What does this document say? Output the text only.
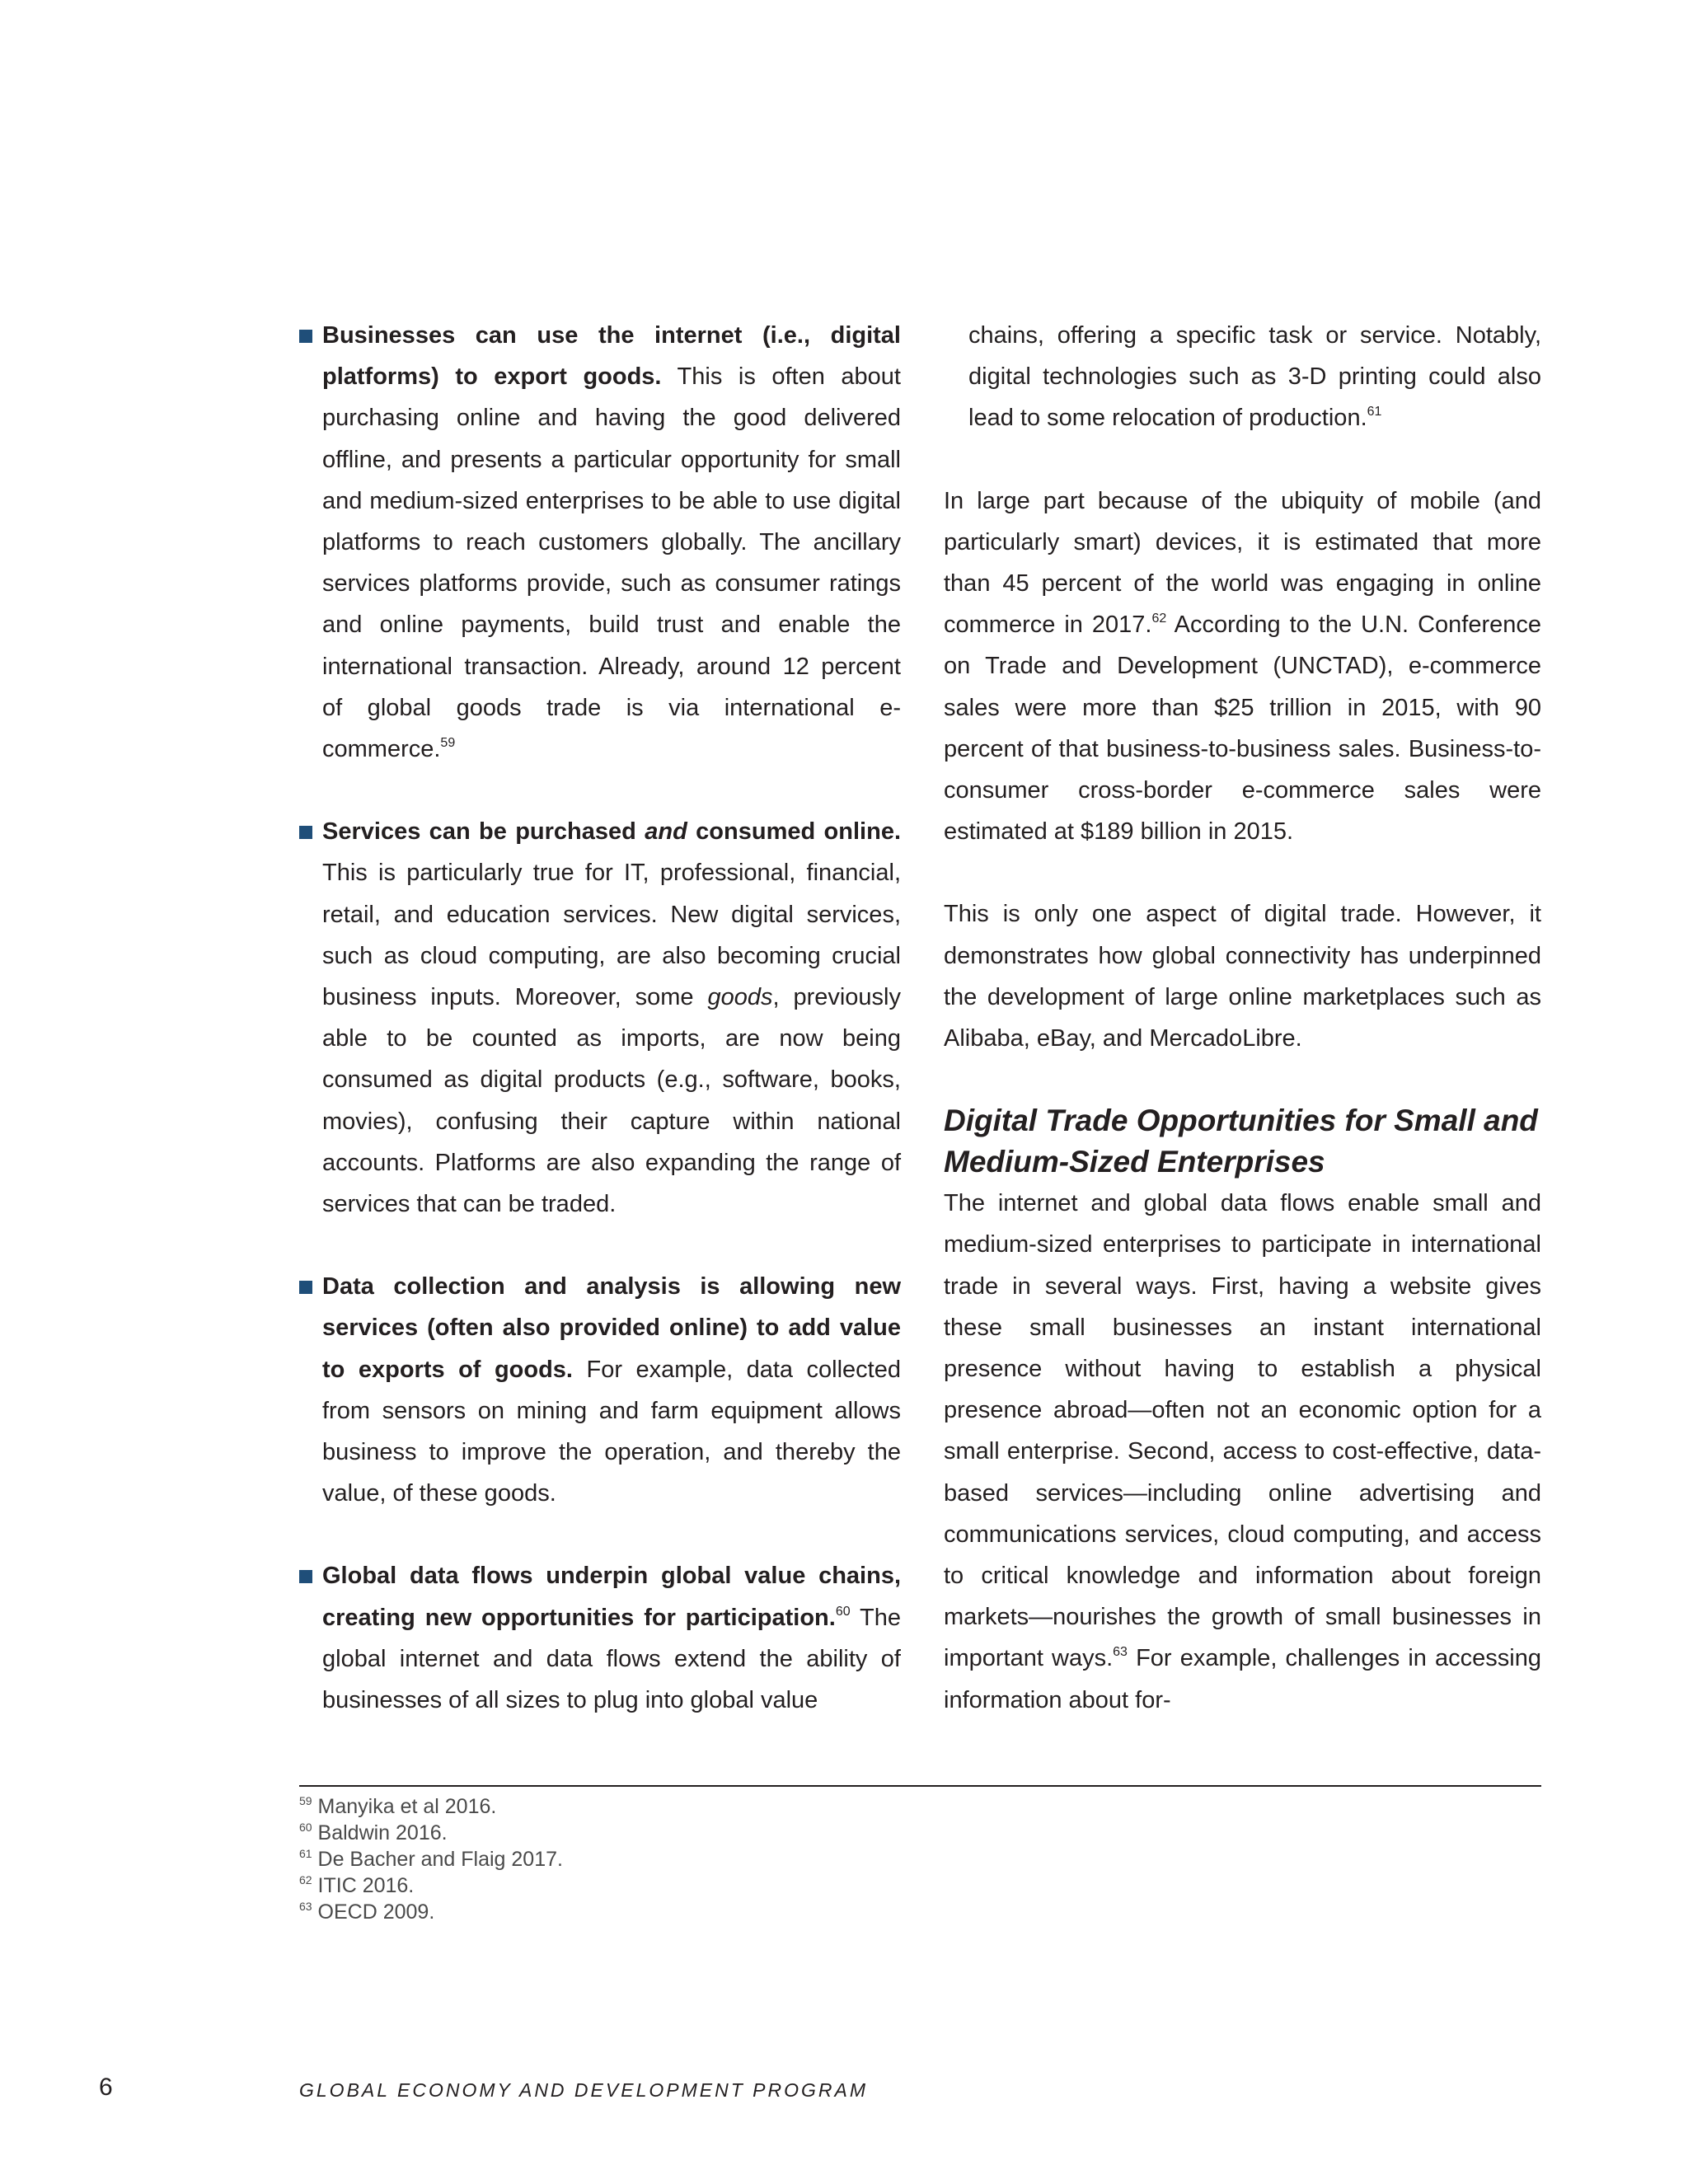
Businesses can use the internet (i.e., digital platforms) to export goods. This is often about purchasing online and having the good delivered offline, and presents a particular opportunity for small and medium-sized enterprises to be able to use digital platforms to reach customers globally. The ancillary services platforms provide, such as consumer ratings and online payments, build trust and enable the international transaction. Already, around 12 percent of global goods trade is via international e-commerce.$^{59}$

Services can be purchased and consumed online. This is particularly true for IT, professional, financial, retail, and education services. New digital services, such as cloud computing, are also becoming crucial business inputs. Moreover, some goods, previously able to be counted as imports, are now being consumed as digital products (e.g., software, books, movies), confusing their capture within national accounts. Platforms are also expanding the range of services that can be traded.

Data collection and analysis is allowing new services (often also provided online) to add value to exports of goods. For example, data collected from sensors on mining and farm equipment allows business to improve the operation, and thereby the value, of these goods.

Global data flows underpin global value chains, creating new opportunities for participation.$^{60}$ The global internet and data flows extend the ability of businesses of all sizes to plug into global value

chains, offering a specific task or service. Notably, digital technologies such as 3-D printing could also lead to some relocation of production.$^{61}$

In large part because of the ubiquity of mobile (and particularly smart) devices, it is estimated that more than 45 percent of the world was engaging in online commerce in 2017.62 According to the U.N. Conference on Trade and Development (UNCTAD), e-commerce sales were more than $25 trillion in 2015, with 90 percent of that business-to-business sales. Business-to-consumer cross-border e-commerce sales were estimated at $189 billion in 2015.

This is only one aspect of digital trade. However, it demonstrates how global connectivity has underpinned the development of large online marketplaces such as Alibaba, eBay, and MercadoLibre.

Digital Trade Opportunities for Small and Medium-Sized Enterprises

The internet and global data flows enable small and medium-sized enterprises to participate in international trade in several ways. First, having a website gives these small businesses an instant international presence without having to establish a physical presence abroad—often not an economic option for a small enterprise. Second, access to cost-effective, data-based services—including online advertising and communications services, cloud computing, and access to critical knowledge and information about foreign markets—nourishes the growth of small businesses in important ways.$^{63}$ For example, challenges in accessing information about for-

$^{59}$ Manyika et al 2016.
$^{60}$ Baldwin 2016.
$^{61}$ De Bacher and Flaig 2017.
$^{62}$ ITIC 2016.
$^{63}$ OECD 2009.
6	GLOBAL ECONOMY AND DEVELOPMENT PROGRAM
